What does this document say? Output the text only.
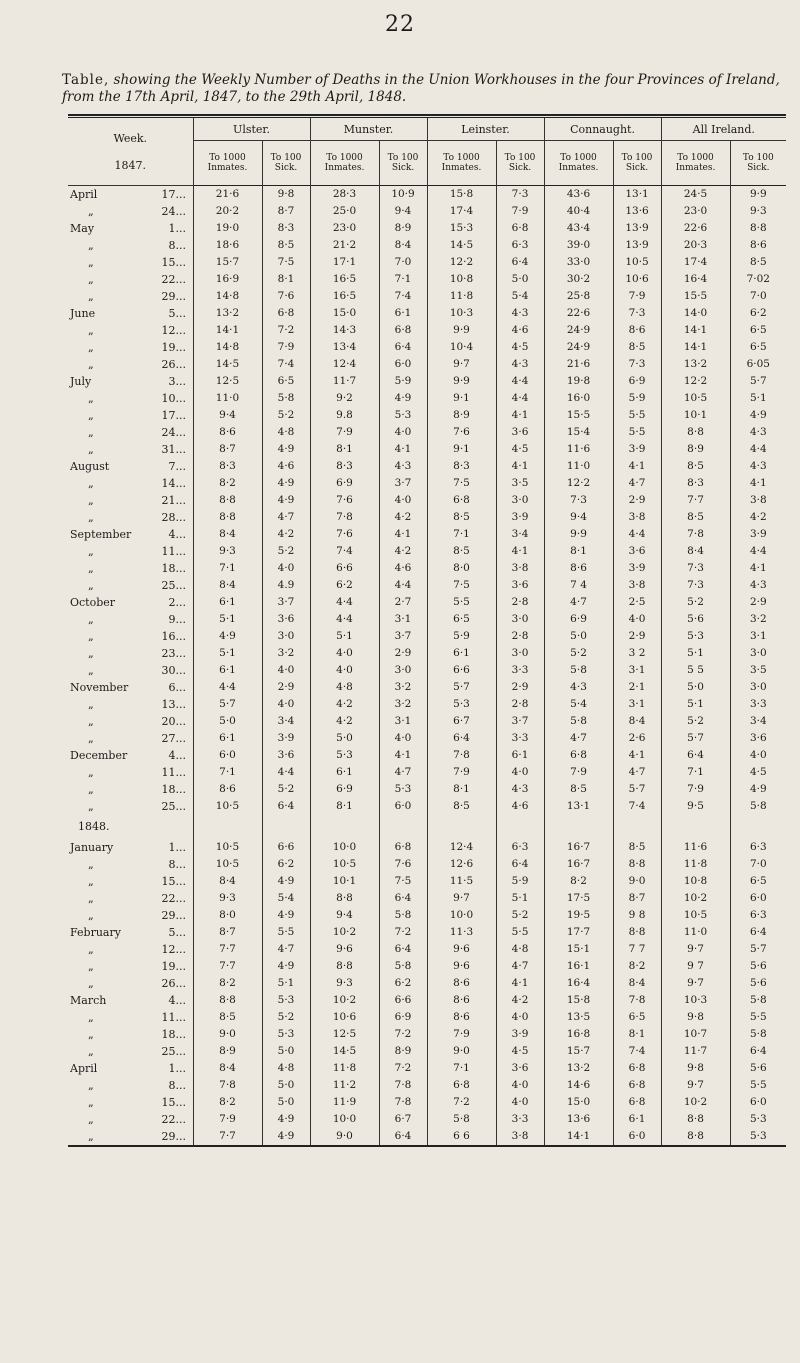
22
Table, showing the Weekly Number of Deaths in the Union Workhouses in the four Provinces of Ireland, from the 17th April, 1847, to the 29th April, 1848.
Week.
1847.	Ulster.		Munster.		Leinster.		Connaught.		All Ireland.	
	To 1000 Inmates.	To 100 Sick.	To 1000 Inmates.	To 100 Sick.	To 1000 Inmates.	To 100 Sick.	To 1000 Inmates.	To 100 Sick.	To 1000 Inmates.	To 100 Sick.
April 17...	21·6	9·8	28·3	10·9	15·8	7·3	43·6	13·1	24·5	9·9
„ 24...	20·2	8·7	25·0	9·4	17·4	7·9	40·4	13·6	23·0	9·3
May 1...	19·0	8·3	23·0	8·9	15·3	6·8	43·4	13·9	22·6	8·8
„ 8...	18·6	8·5	21·2	8·4	14·5	6·3	39·0	13·9	20·3	8·6
„ 15...	15·7	7·5	17·1	7·0	12·2	6·4	33·0	10·5	17·4	8·5
„ 22...	16·9	8·1	16·5	7·1	10·8	5·0	30·2	10·6	16·4	7·02
„ 29...	14·8	7·6	16·5	7·4	11·8	5·4	25·8	7·9	15·5	7·0
June 5...	13·2	6·8	15·0	6·1	10·3	4·3	22·6	7·3	14·0	6·2
„ 12...	14·1	7·2	14·3	6·8	9·9	4·6	24·9	8·6	14·1	6·5
„ 19...	14·8	7·9	13·4	6·4	10·4	4·5	24·9	8·5	14·1	6·5
„ 26...	14·5	7·4	12·4	6·0	9·7	4·3	21·6	7·3	13·2	6·05
July 3...	12·5	6·5	11·7	5·9	9·9	4·4	19·8	6·9	12·2	5·7
„ 10...	11·0	5·8	9·2	4·9	9·1	4·4	16·0	5·9	10·5	5·1
„ 17...	9·4	5·2	9.8	5·3	8·9	4·1	15·5	5·5	10·1	4·9
„ 24...	8·6	4·8	7·9	4·0	7·6	3·6	15·4	5·5	8·8	4·3
„ 31...	8·7	4·9	8·1	4·1	9·1	4·5	11·6	3·9	8·9	4·4
August 7...	8·3	4·6	8·3	4·3	8·3	4·1	11·0	4·1	8·5	4·3
„ 14...	8·2	4·9	6·9	3·7	7·5	3·5	12·2	4·7	8·3	4·1
„ 21...	8·8	4·9	7·6	4·0	6·8	3·0	7·3	2·9	7·7	3·8
„ 28...	8·8	4·7	7·8	4·2	8·5	3·9	9·4	3·8	8·5	4·2
September 4...	8·4	4·2	7·6	4·1	7·1	3·4	9·9	4·4	7·8	3·9
„ 11...	9·3	5·2	7·4	4·2	8·5	4·1	8·1	3·6	8·4	4·4
„ 18...	7·1	4·0	6·6	4·6	8·0	3·8	8·6	3·9	7·3	4·1
„ 25...	8·4	4.9	6·2	4·4	7·5	3·6	7 4	3·8	7·3	4·3
October 2...	6·1	3·7	4·4	2·7	5·5	2·8	4·7	2·5	5·2	2·9
„ 9...	5·1	3·6	4·4	3·1	6·5	3·0	6·9	4·0	5·6	3·2
„ 16...	4·9	3·0	5·1	3·7	5·9	2·8	5·0	2·9	5·3	3·1
„ 23...	5·1	3·2	4·0	2·9	6·1	3·0	5·2	3 2	5·1	3·0
„ 30...	6·1	4·0	4·0	3·0	6·6	3·3	5·8	3·1	5 5	3·5
November 6...	4·4	2·9	4·8	3·2	5·7	2·9	4·3	2·1	5·0	3·0
„ 13...	5·7	4·0	4·2	3·2	5·3	2·8	5·4	3·1	5·1	3·3
„ 20...	5·0	3·4	4·2	3·1	6·7	3·7	5·8	8·4	5·2	3·4
„ 27...	6·1	3·9	5·0	4·0	6·4	3·3	4·7	2·6	5·7	3·6
December 4...	6·0	3·6	5·3	4·1	7·8	6·1	6·8	4·1	6·4	4·0
„ 11...	7·1	4·4	6·1	4·7	7·9	4·0	7·9	4·7	7·1	4·5
„ 18...	8·6	5·2	6·9	5·3	8·1	4·3	8·5	5·7	7·9	4·9
„ 25...	10·5	6·4	8·1	6·0	8·5	4·6	13·1	7·4	9·5	5·8
1848.										
January 1...	10·5	6·6	10·0	6·8	12·4	6·3	16·7	8·5	11·6	6·3
„ 8...	10·5	6·2	10·5	7·6	12·6	6·4	16·7	8·8	11·8	7·0
„ 15...	8·4	4·9	10·1	7·5	11·5	5·9	8·2	9·0	10·8	6·5
„ 22...	9·3	5·4	8·8	6·4	9·7	5·1	17·5	8·7	10·2	6·0
„ 29...	8·0	4·9	9·4	5·8	10·0	5·2	19·5	9 8	10·5	6·3
February 5...	8·7	5·5	10·2	7·2	11·3	5·5	17·7	8·8	11·0	6·4
„ 12...	7·7	4·7	9·6	6·4	9·6	4·8	15·1	7 7	9·7	5·7
„ 19...	7·7	4·9	8·8	5·8	9·6	4·7	16·1	8·2	9 7	5·6
„ 26...	8·2	5·1	9·3	6·2	8·6	4·1	16·4	8·4	9·7	5·6
March 4...	8·8	5·3	10·2	6·6	8·6	4·2	15·8	7·8	10·3	5·8
„ 11...	8·5	5·2	10·6	6·9	8·6	4·0	13·5	6·5	9·8	5·5
„ 18...	9·0	5·3	12·5	7·2	7·9	3·9	16·8	8·1	10·7	5·8
„ 25...	8·9	5·0	14·5	8·9	9·0	4·5	15·7	7·4	11·7	6·4
April 1...	8·4	4·8	11·8	7·2	7·1	3·6	13·2	6·8	9·8	5·6
„ 8...	7·8	5·0	11·2	7·8	6·8	4·0	14·6	6·8	9·7	5·5
„ 15...	8·2	5·0	11·9	7·8	7·2	4·0	15·0	6·8	10·2	6·0
„ 22...	7·9	4·9	10·0	6·7	5·8	3·3	13·6	6·1	8·8	5·3
„ 29...	7·7	4·9	9·0	6·4	6 6	3·8	14·1	6·0	8·8	5·3
